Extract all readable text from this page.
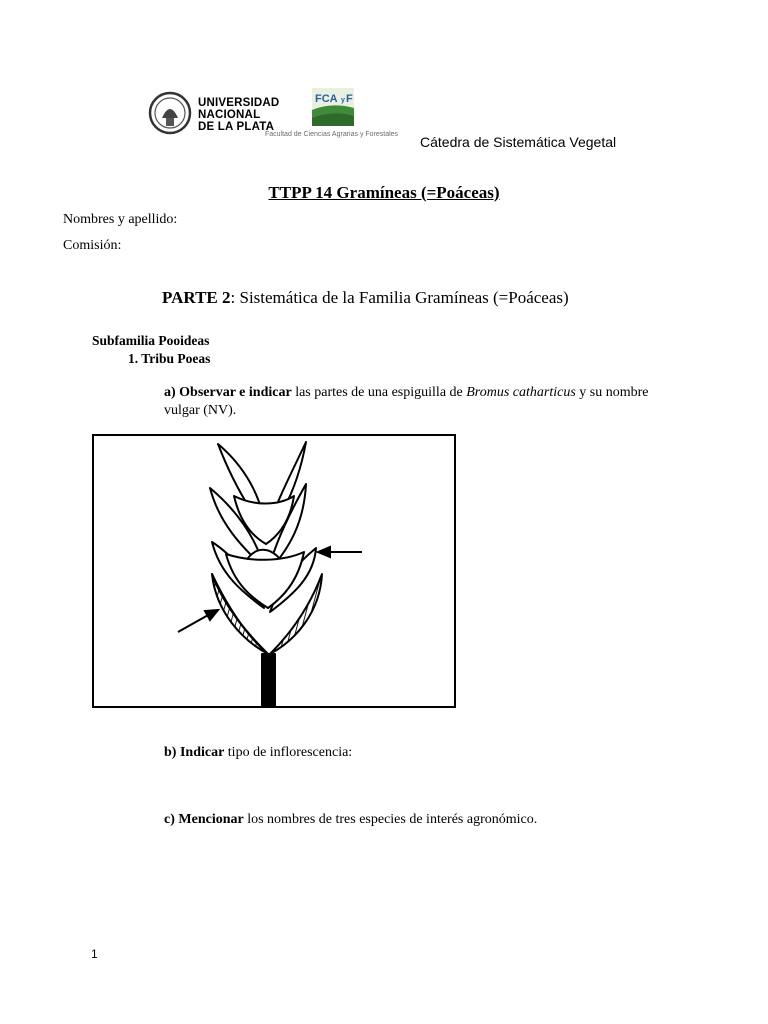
UNIVERSIDAD
NACIONAL
DE LA PLATA
FCA y F
Facultad de Ciencias Agrarias y Forestales Cátedra de Sistemática Vegetal
TTPP 14 Gramíneas (=Poáceas)
Nombres y apellido:
Comisión:
PARTE 2: Sistemática de la Familia Gramíneas (=Poáceas)
Subfamilia Pooideas
1. Tribu Poeas
a) Observar e indicar las partes de una espiguilla de Bromus catharticus y su nombre vulgar (NV).
b) Indicar tipo de inflorescencia:
c) Mencionar los nombres de tres especies de interés agronómico.
1
